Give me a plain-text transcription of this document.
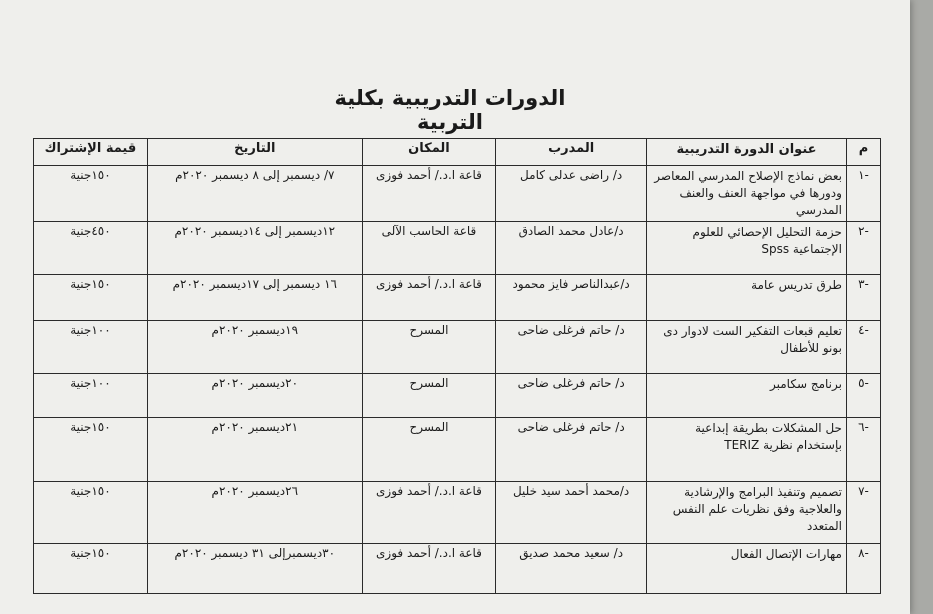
الدورات التدريبية بكلية التربية
م	عنوان الدورة التدريبية	المدرب	المكان	التاريخ	قيمة الإشتراك
-١	بعض نماذج الإصلاح المدرسي المعاصر ودورها في مواجهة العنف والعنف المدرسي	د/ راضى عدلى كامل	قاعة ا.د./ أحمد فوزى	٧/ ديسمبر إلى ٨ ديسمبر ٢٠٢٠م	١٥٠جنية
-٢	حزمة التحليل الإحصائي للعلوم الإجتماعية Spss	د/عادل محمد الصادق	قاعة الحاسب الآلى	١٢ديسمبر إلى ١٤ديسمبر ٢٠٢٠م	٤٥٠جنية
-٣	طرق تدريس عامة	د/عبدالناصر فايز محمود	قاعة ا.د./ أحمد فوزى	١٦ ديسمبر إلى ١٧ديسمبر ٢٠٢٠م	١٥٠جنية
-٤	تعليم قبعات التفكير الست لادوار دى بونو للأطفال	د/ حاتم فرغلى ضاحى	المسرح	١٩ديسمبر ٢٠٢٠م	١٠٠جنية
-٥	برنامج سكامبر	د/ حاتم فرغلى ضاحى	المسرح	٢٠ديسمبر ٢٠٢٠م	١٠٠جنية
-٦	حل المشكلات بطريقة إبداعية بإستخدام نظرية TERIZ	د/ حاتم فرغلى ضاحى	المسرح	٢١ديسمبر ٢٠٢٠م	١٥٠جنية
-٧	تصميم وتنفيذ البرامج والإرشادية والعلاجية وفق نظريات علم النفس المتعدد	د/محمد أحمد سيد خليل	قاعة ا.د./ أحمد فوزى	٢٦ديسمبر ٢٠٢٠م	١٥٠جنية
-٨	مهارات الإتصال الفعال	د/ سعيد محمد صديق	قاعة ا.د./ أحمد فوزى	٣٠ديسمبرإلى ٣١ ديسمبر ٢٠٢٠م	١٥٠جنية
